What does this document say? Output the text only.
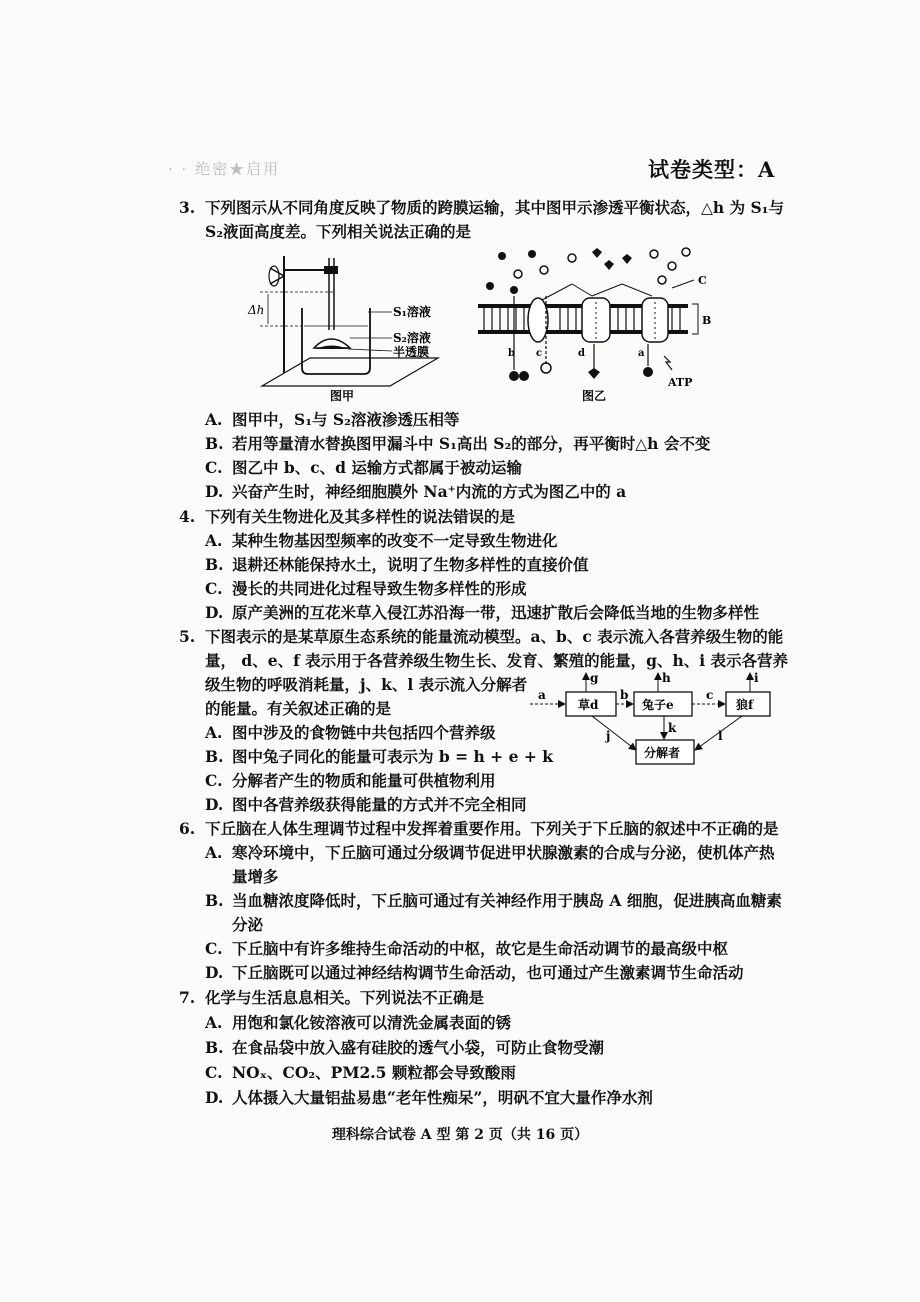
· · 绝密★启用	试卷类型：A
3. 下列图示从不同角度反映了物质的跨膜运输，其中图甲示渗透平衡状态，△h 为 S₁与
S₂液面高度差。下列相关说法正确的是
Δh	S₁溶液
S₂溶液
半透膜
图甲
B
C
b c	d	a
ATP
图乙
A. 图甲中，S₁与 S₂溶液渗透压相等
B. 若用等量清水替换图甲漏斗中 S₁高出 S₂的部分，再平衡时△h 会不变
C. 图乙中 b、c、d 运输方式都属于被动运输
D. 兴奋产生时，神经细胞膜外 Na⁺内流的方式为图乙中的 a
4. 下列有关生物进化及其多样性的说法错误的是
A. 某种生物基因型频率的改变不一定导致生物进化
B. 退耕还林能保持水土，说明了生物多样性的直接价值
C. 漫长的共同进化过程导致生物多样性的形成
D. 原产美洲的互花米草入侵江苏沿海一带，迅速扩散后会降低当地的生物多样性
5. 下图表示的是某草原生态系统的能量流动模型。a、b、c 表示流入各营养级生物的能
量， d、e、f 表示用于各营养级生物生长、发育、繁殖的能量，g、h、i 表示各营养
级生物的呼吸消耗量，j、k、l 表示流入分解者
的能量。有关叙述正确的是	草d	兔子e	狼f
分解者
a	b	c
g	h	i
j
k
l
A. 图中涉及的食物链中共包括四个营养级
B. 图中兔子同化的能量可表示为 b = h + e + k
C. 分解者产生的物质和能量可供植物利用
D. 图中各营养级获得能量的方式并不完全相同
6. 下丘脑在人体生理调节过程中发挥着重要作用。下列关于下丘脑的叙述中不正确的是
A. 寒冷环境中，下丘脑可通过分级调节促进甲状腺激素的合成与分泌，使机体产热
量增多
B. 当血糖浓度降低时，下丘脑可通过有关神经作用于胰岛 A 细胞，促进胰高血糖素
分泌
C. 下丘脑中有许多维持生命活动的中枢，故它是生命活动调节的最高级中枢
D. 下丘脑既可以通过神经结构调节生命活动，也可通过产生激素调节生命活动
7. 化学与生活息息相关。下列说法不正确是
A. 用饱和氯化铵溶液可以清洗金属表面的锈
B. 在食品袋中放入盛有硅胶的透气小袋，可防止食物受潮
C. NOₓ、CO₂、PM2.5 颗粒都会导致酸雨
D. 人体摄入大量铝盐易患“老年性痴呆”，明矾不宜大量作净水剂
理科综合试卷 A 型 第 2 页（共 16 页）
